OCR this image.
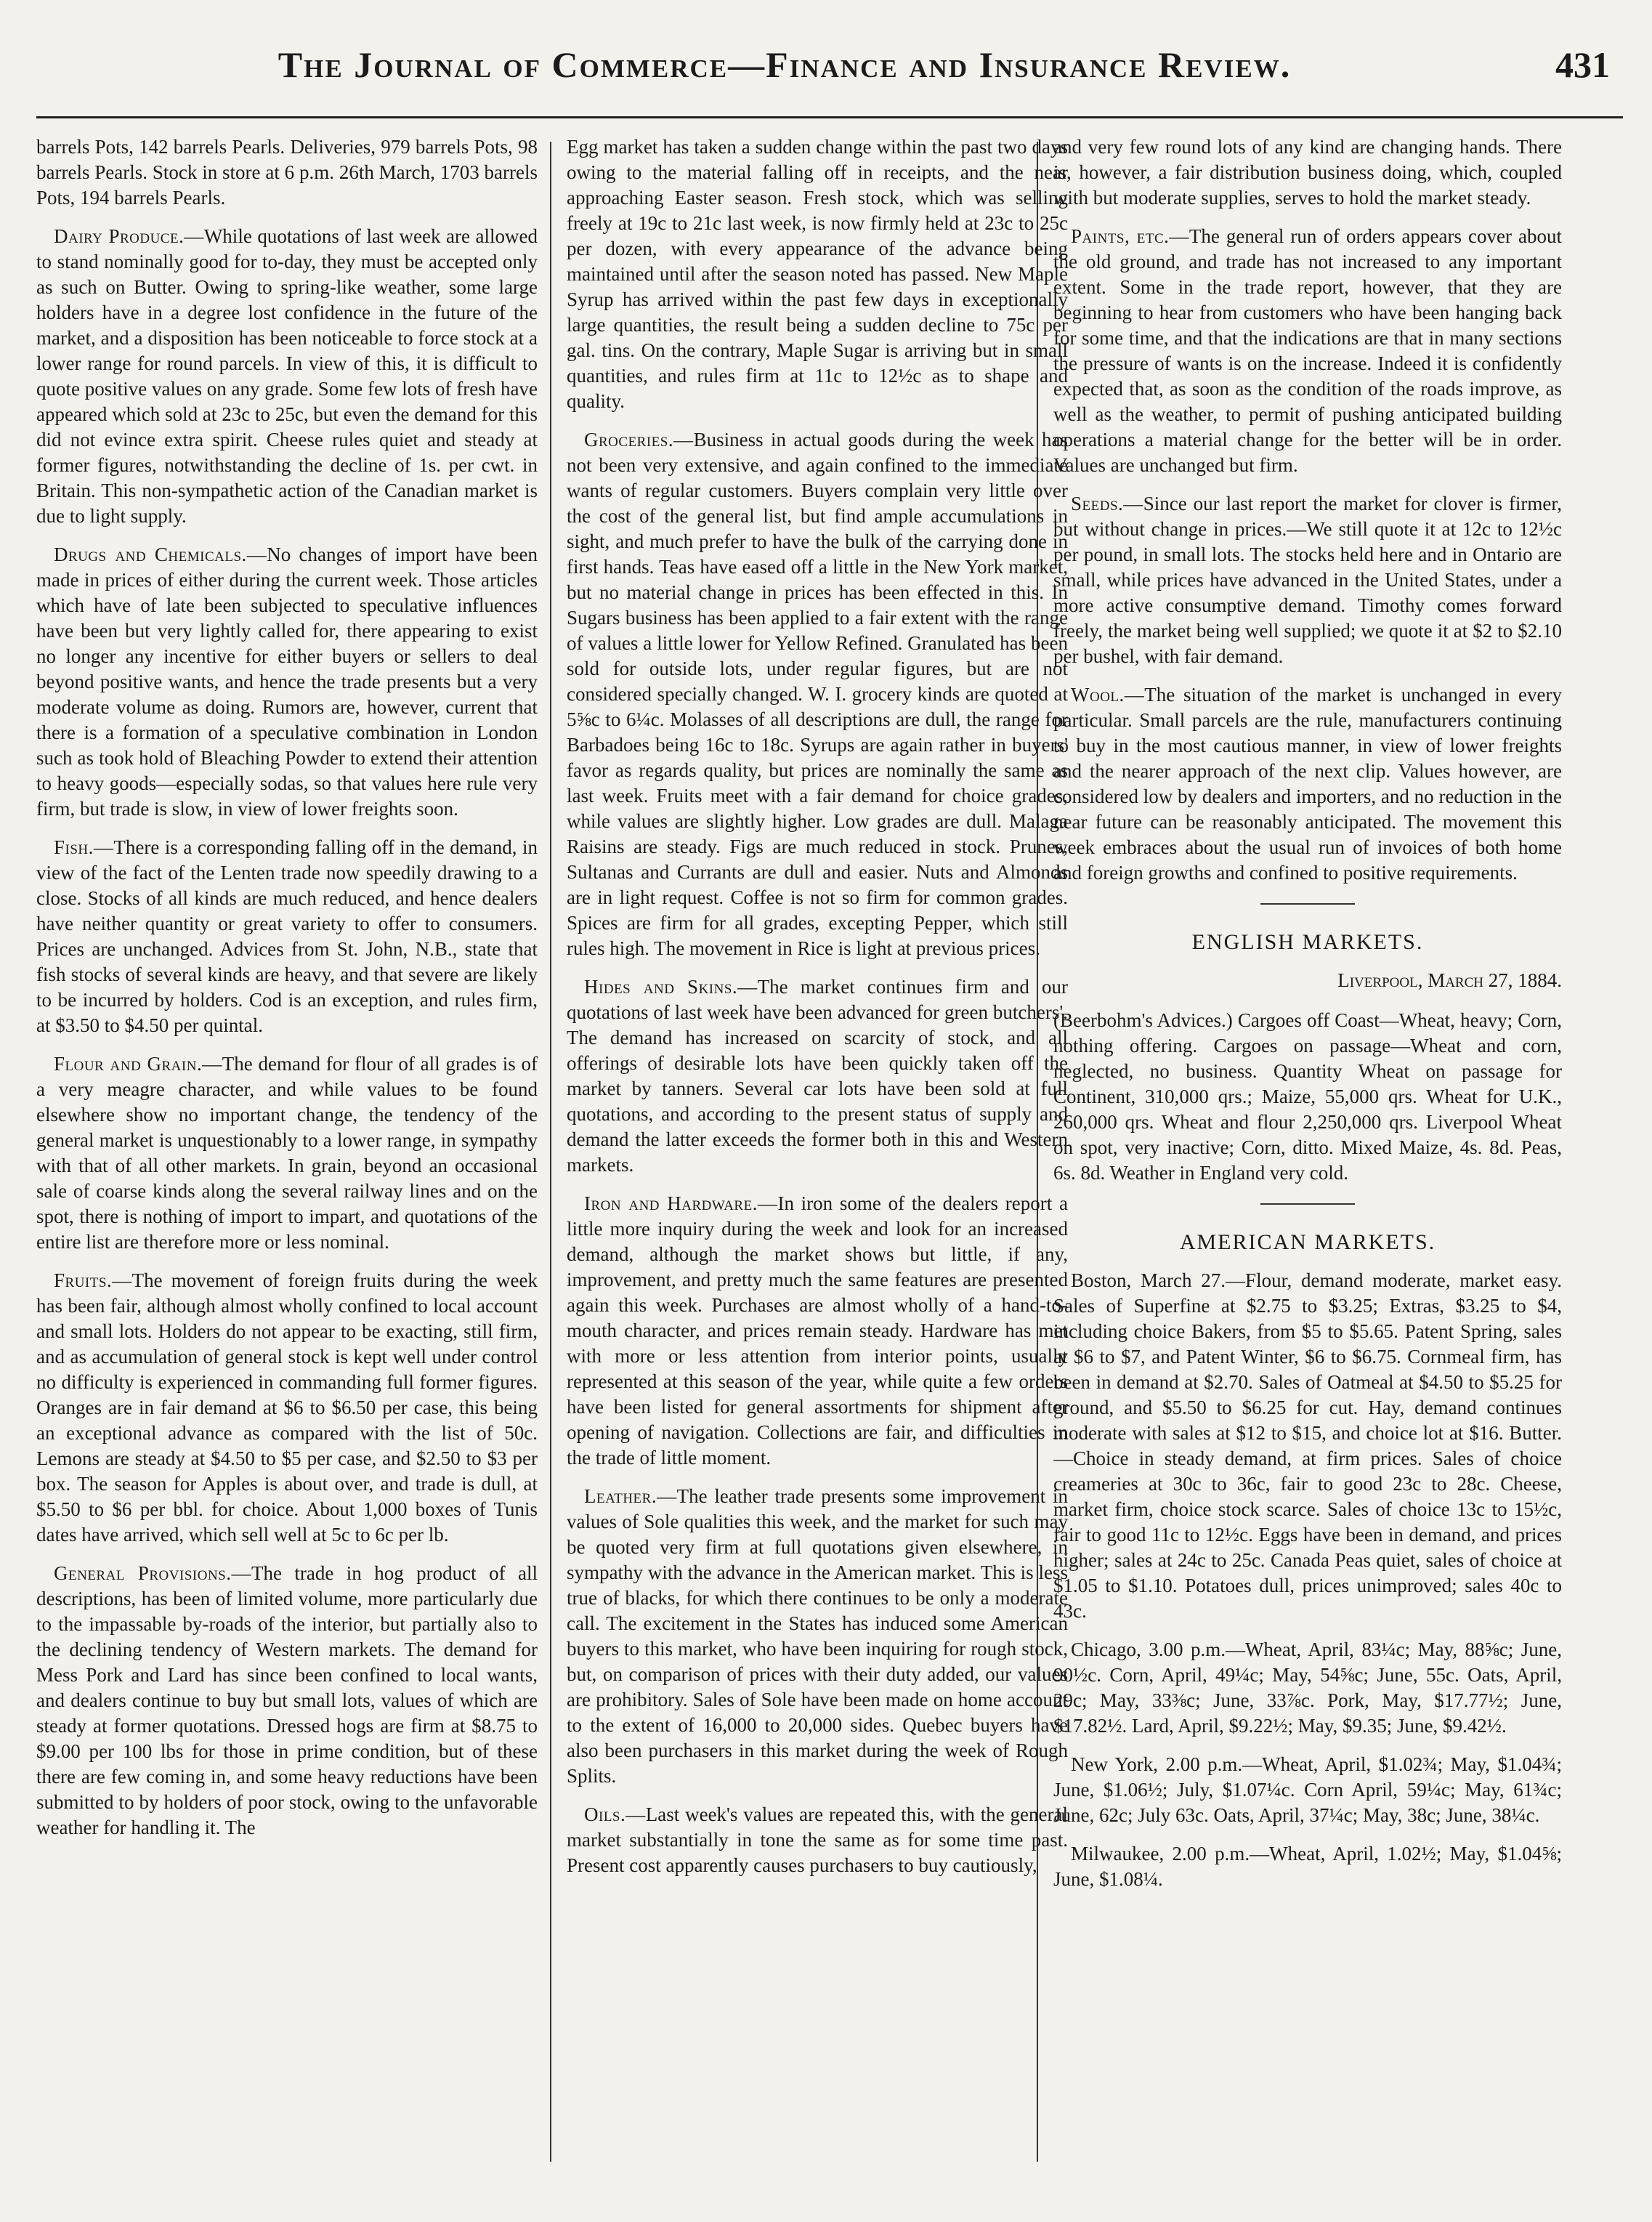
The Journal of Commerce—Finance and Insurance Review.	431

barrels Pots, 142 barrels Pearls. Deliveries, 979 barrels Pots, 98 barrels Pearls. Stock in store at 6 p.m. 26th March, 1703 barrels Pots, 194 barrels Pearls.

Dairy Produce.—While quotations of last week are allowed to stand nominally good for to-day, they must be accepted only as such on Butter. Owing to spring-like weather, some large holders have in a degree lost confidence in the future of the market, and a disposition has been noticeable to force stock at a lower range for round parcels. In view of this, it is difficult to quote positive values on any grade. Some few lots of fresh have appeared which sold at 23c to 25c, but even the demand for this did not evince extra spirit. Cheese rules quiet and steady at former figures, notwithstanding the decline of 1s. per cwt. in Britain. This non-sympathetic action of the Canadian market is due to light supply.

Drugs and Chemicals.—No changes of import have been made in prices of either during the current week. Those articles which have of late been subjected to speculative influences have been but very lightly called for, there appearing to exist no longer any incentive for either buyers or sellers to deal beyond positive wants, and hence the trade presents but a very moderate volume as doing. Rumors are, however, current that there is a formation of a speculative combination in London such as took hold of Bleaching Powder to extend their attention to heavy goods—especially sodas, so that values here rule very firm, but trade is slow, in view of lower freights soon.

Fish.—There is a corresponding falling off in the demand, in view of the fact of the Lenten trade now speedily drawing to a close. Stocks of all kinds are much reduced, and hence dealers have neither quantity or great variety to offer to consumers. Prices are unchanged. Advices from St. John, N.B., state that fish stocks of several kinds are heavy, and that severe are likely to be incurred by holders. Cod is an exception, and rules firm, at $3.50 to $4.50 per quintal.

Flour and Grain.—The demand for flour of all grades is of a very meagre character, and while values to be found elsewhere show no important change, the tendency of the general market is unquestionably to a lower range, in sympathy with that of all other markets. In grain, beyond an occasional sale of coarse kinds along the several railway lines and on the spot, there is nothing of import to impart, and quotations of the entire list are therefore more or less nominal.

Fruits.—The movement of foreign fruits during the week has been fair, although almost wholly confined to local account and small lots. Holders do not appear to be exacting, still firm, and as accumulation of general stock is kept well under control no difficulty is experienced in commanding full former figures. Oranges are in fair demand at $6 to $6.50 per case, this being an exceptional advance as compared with the list of 50c. Lemons are steady at $4.50 to $5 per case, and $2.50 to $3 per box. The season for Apples is about over, and trade is dull, at $5.50 to $6 per bbl. for choice. About 1,000 boxes of Tunis dates have arrived, which sell well at 5c to 6c per lb.

General Provisions.—The trade in hog product of all descriptions, has been of limited volume, more particularly due to the impassable by-roads of the interior, but partially also to the declining tendency of Western markets. The demand for Mess Pork and Lard has since been confined to local wants, and dealers continue to buy but small lots, values of which are steady at former quotations. Dressed hogs are firm at $8.75 to $9.00 per 100 lbs for those in prime condition, but of these there are few coming in, and some heavy reductions have been submitted to by holders of poor stock, owing to the unfavorable weather for handling it. The

Egg market has taken a sudden change within the past two days owing to the material falling off in receipts, and the near approaching Easter season. Fresh stock, which was selling freely at 19c to 21c last week, is now firmly held at 23c to 25c per dozen, with every appearance of the advance being maintained until after the season noted has passed. New Maple Syrup has arrived within the past few days in exceptionally large quantities, the result being a sudden decline to 75c per gal. tins. On the contrary, Maple Sugar is arriving but in small quantities, and rules firm at 11c to 12½c as to shape and quality.

Groceries.—Business in actual goods during the week has not been very extensive, and again confined to the immediate wants of regular customers. Buyers complain very little over the cost of the general list, but find ample accumulations in sight, and much prefer to have the bulk of the carrying done in first hands. Teas have eased off a little in the New York market, but no material change in prices has been effected in this. In Sugars business has been applied to a fair extent with the range of values a little lower for Yellow Refined. Granulated has been sold for outside lots, under regular figures, but are not considered specially changed. W. I. grocery kinds are quoted at 5⅝c to 6¼c. Molasses of all descriptions are dull, the range for Barbadoes being 16c to 18c. Syrups are again rather in buyers' favor as regards quality, but prices are nominally the same as last week. Fruits meet with a fair demand for choice grades, while values are slightly higher. Low grades are dull. Malaga Raisins are steady. Figs are much reduced in stock. Prunes, Sultanas and Currants are dull and easier. Nuts and Almonds are in light request. Coffee is not so firm for common grades. Spices are firm for all grades, excepting Pepper, which still rules high. The movement in Rice is light at previous prices.

Hides and Skins.—The market continues firm and our quotations of last week have been advanced for green butchers'. The demand has increased on scarcity of stock, and all offerings of desirable lots have been quickly taken off the market by tanners. Several car lots have been sold at full quotations, and according to the present status of supply and demand the latter exceeds the former both in this and Western markets.

Iron and Hardware.—In iron some of the dealers report a little more inquiry during the week and look for an increased demand, although the market shows but little, if any, improvement, and pretty much the same features are presented again this week. Purchases are almost wholly of a hand-to-mouth character, and prices remain steady. Hardware has met with more or less attention from interior points, usually represented at this season of the year, while quite a few orders have been listed for general assortments for shipment after opening of navigation. Collections are fair, and difficulties in the trade of little moment.

Leather.—The leather trade presents some improvement in values of Sole qualities this week, and the market for such may be quoted very firm at full quotations given elsewhere, in sympathy with the advance in the American market. This is less true of blacks, for which there continues to be only a moderate call. The excitement in the States has induced some American buyers to this market, who have been inquiring for rough stock, but, on comparison of prices with their duty added, our values are prohibitory. Sales of Sole have been made on home account to the extent of 16,000 to 20,000 sides. Quebec buyers have also been purchasers in this market during the week of Rough Splits.

Oils.—Last week's values are repeated this, with the general market substantially in tone the same as for some time past. Present cost apparently causes purchasers to buy cautiously,

and very few round lots of any kind are changing hands. There is, however, a fair distribution business doing, which, coupled with but moderate supplies, serves to hold the market steady.

Paints, etc.—The general run of orders appears cover about the old ground, and trade has not increased to any important extent. Some in the trade report, however, that they are beginning to hear from customers who have been hanging back for some time, and that the indications are that in many sections the pressure of wants is on the increase. Indeed it is confidently expected that, as soon as the condition of the roads improve, as well as the weather, to permit of pushing anticipated building operations a material change for the better will be in order. Values are unchanged but firm.

Seeds.—Since our last report the market for clover is firmer, but without change in prices.—We still quote it at 12c to 12½c per pound, in small lots. The stocks held here and in Ontario are small, while prices have advanced in the United States, under a more active consumptive demand. Timothy comes forward freely, the market being well supplied; we quote it at $2 to $2.10 per bushel, with fair demand.

Wool.—The situation of the market is unchanged in every particular. Small parcels are the rule, manufacturers continuing to buy in the most cautious manner, in view of lower freights and the nearer approach of the next clip. Values however, are considered low by dealers and importers, and no reduction in the near future can be reasonably anticipated. The movement this week embraces about the usual run of invoices of both home and foreign growths and confined to positive requirements.

ENGLISH MARKETS.
Liverpool, March 27, 1884.

(Beerbohm's Advices.) Cargoes off Coast—Wheat, heavy; Corn, nothing offering. Cargoes on passage—Wheat and corn, neglected, no business. Quantity Wheat on passage for Continent, 310,000 qrs.; Maize, 55,000 qrs. Wheat for U.K., 260,000 qrs. Wheat and flour 2,250,000 qrs. Liverpool Wheat on spot, very inactive; Corn, ditto. Mixed Maize, 4s. 8d. Peas, 6s. 8d. Weather in England very cold.

AMERICAN MARKETS.

Boston, March 27.—Flour, demand moderate, market easy. Sales of Superfine at $2.75 to $3.25; Extras, $3.25 to $4, including choice Bakers, from $5 to $5.65. Patent Spring, sales at $6 to $7, and Patent Winter, $6 to $6.75. Cornmeal firm, has been in demand at $2.70. Sales of Oatmeal at $4.50 to $5.25 for ground, and $5.50 to $6.25 for cut. Hay, demand continues moderate with sales at $12 to $15, and choice lot at $16. Butter.—Choice in steady demand, at firm prices. Sales of choice creameries at 30c to 36c, fair to good 23c to 28c. Cheese, market firm, choice stock scarce. Sales of choice 13c to 15½c, fair to good 11c to 12½c. Eggs have been in demand, and prices higher; sales at 24c to 25c. Canada Peas quiet, sales of choice at $1.05 to $1.10. Potatoes dull, prices unimproved; sales 40c to 43c.

Chicago, 3.00 p.m.—Wheat, April, 83¼c; May, 88⅝c; June, 90½c. Corn, April, 49¼c; May, 54⅝c; June, 55c. Oats, April, 29c; May, 33⅜c; June, 33⅞c. Pork, May, $17.77½; June, $17.82½. Lard, April, $9.22½; May, $9.35; June, $9.42½.

New York, 2.00 p.m.—Wheat, April, $1.02¾; May, $1.04¾; June, $1.06½; July, $1.07¼c. Corn April, 59¼c; May, 61¾c; June, 62c; July 63c. Oats, April, 37¼c; May, 38c; June, 38¼c.

Milwaukee, 2.00 p.m.—Wheat, April, 1.02½; May, $1.04⅝; June, $1.08¼.
